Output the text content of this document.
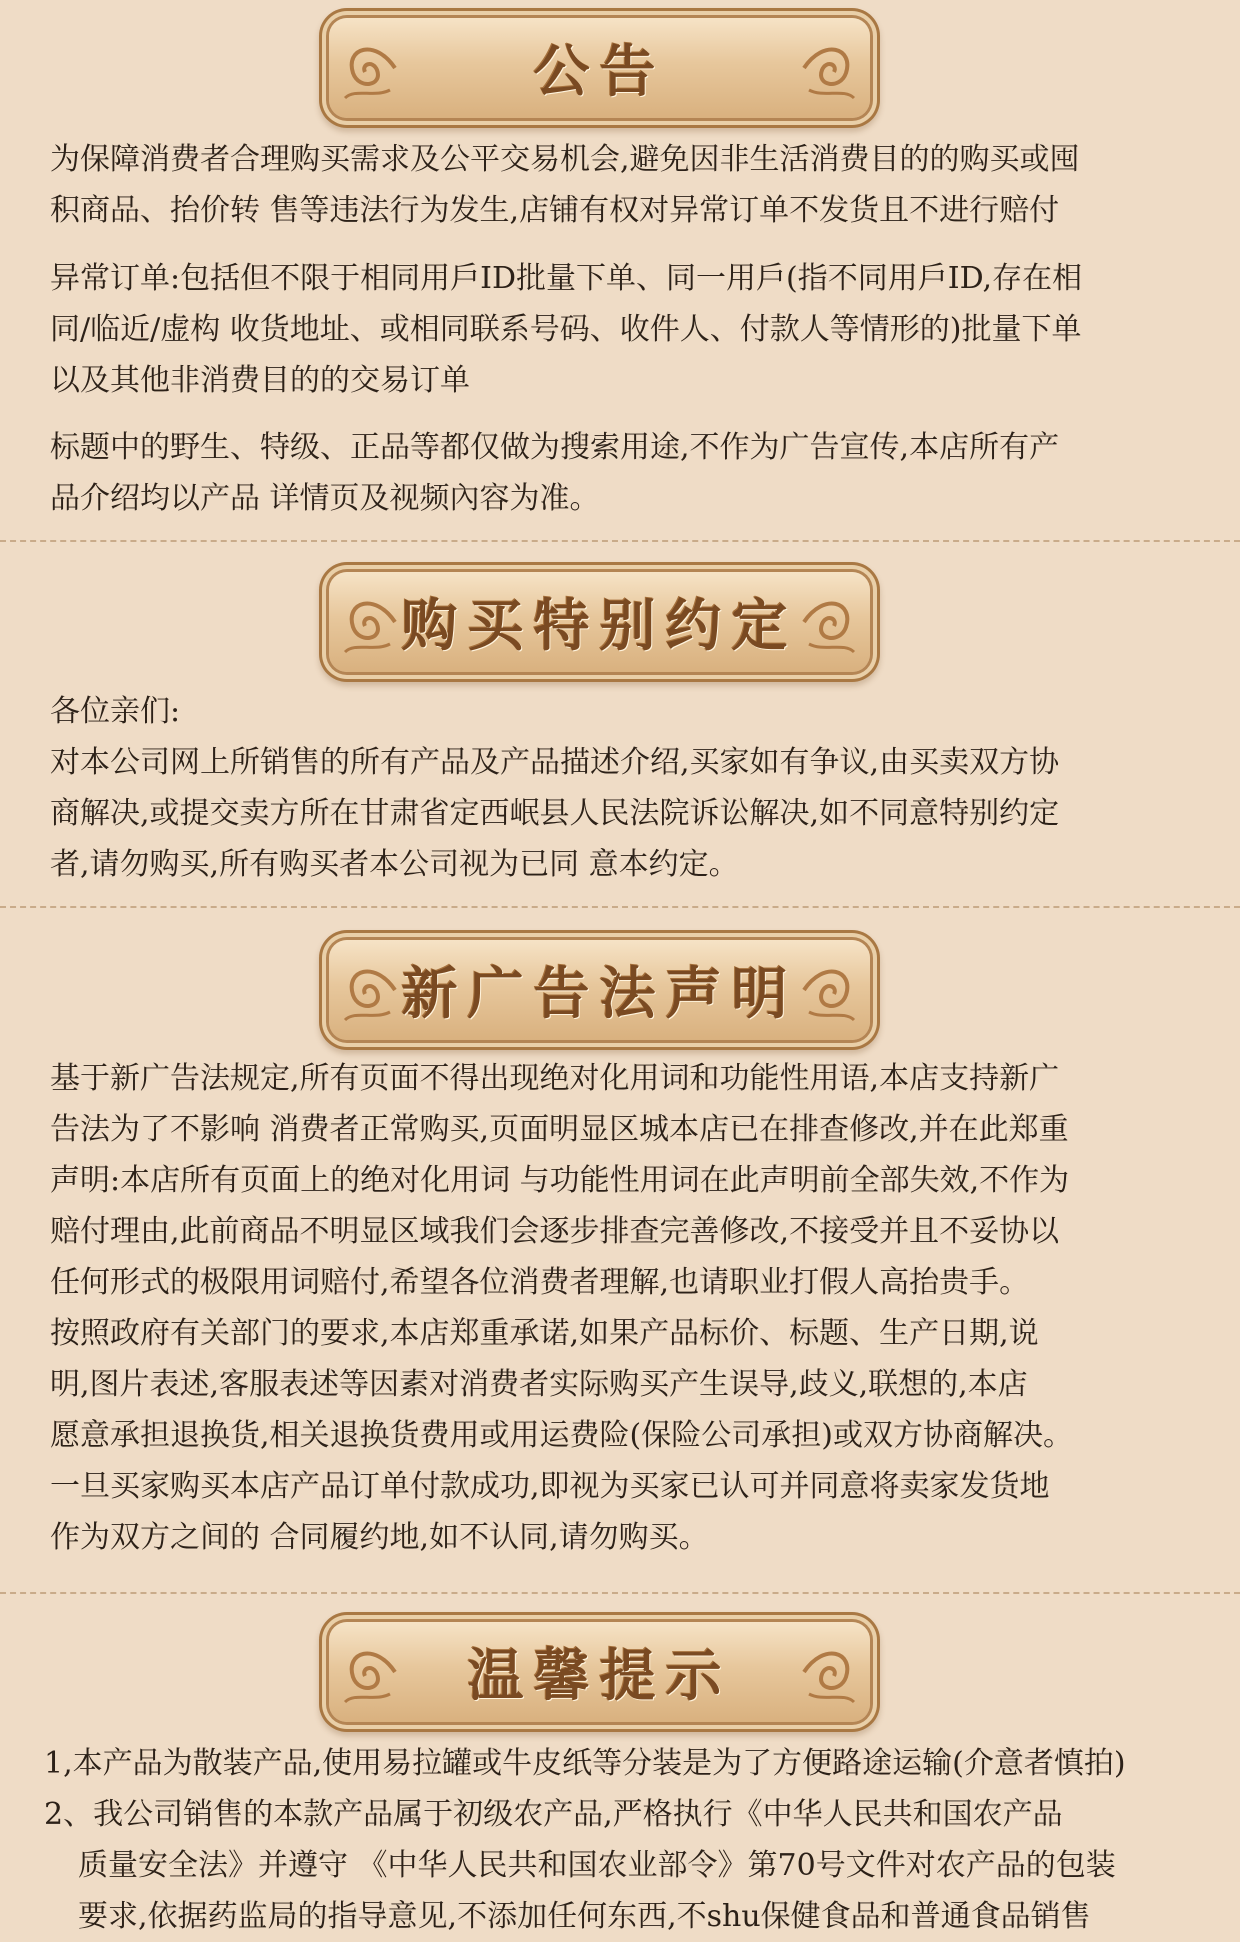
公告
为保障消费者合理购买需求及公平交易机会,避免因非生活消费目的的购买或囤
积商品、抬价转 售等违法行为发生,店铺有权对异常订单不发货且不进行赔付
异常订单:包括但不限于相同用戶ID批量下单、同一用戶(指不同用戶ID,存在相
同/临近/虚构 收货地址、或相同联系号码、收件人、付款人等情形的)批量下单
以及其他非消费目的的交易订单
标题中的野生、特级、正品等都仅做为搜索用途,不作为广告宣传,本店所有产
品介绍均以产品 详情页及视频內容为准。
购买特别约定
各位亲们:
对本公司网上所销售的所有产品及产品描述介绍,买家如有争议,由买卖双方协
商解决,或提交卖方所在甘肃省定西岷县人民法院诉讼解决,如不同意特别约定
者,请勿购买,所有购买者本公司视为已同 意本约定。
新广告法声明
基于新广告法规定,所有页面不得出现绝对化用词和功能性用语,本店支持新广
告法为了不影响 消费者正常购买,页面明显区城本店已在排查修改,并在此郑重
声明:本店所有页面上的绝对化用词 与功能性用词在此声明前全部失效,不作为
赔付理由,此前商品不明显区域我们会逐步排查完善修改,不接受并且不妥协以
任何形式的极限用词赔付,希望各位消费者理解,也请职业打假人高抬贵手。
按照政府有关部门的要求,本店郑重承诺,如果产品标价、标题、生产日期,说
明,图片表述,客服表述等因素对消费者实际购买产生误导,歧义,联想的,本店
愿意承担退换货,相关退换货费用或用运费险(保险公司承担)或双方协商解决。
一旦买家购买本店产品订单付款成功,即视为买家已认可并同意将卖家发货地
作为双方之间的 合同履约地,如不认同,请勿购买。
温馨提示
1,本产品为散装产品,使用易拉罐或牛皮纸等分装是为了方便路途运输(介意者慎拍)
2、我公司销售的本款产品属于初级农产品,严格执行《中华人民共和国农产品
质量安全法》并遵守 《中华人民共和国农业部令》第70号文件对农产品的包装
要求,依据药监局的指导意见,不添加任何东西,不shu保健食品和普通食品销售
